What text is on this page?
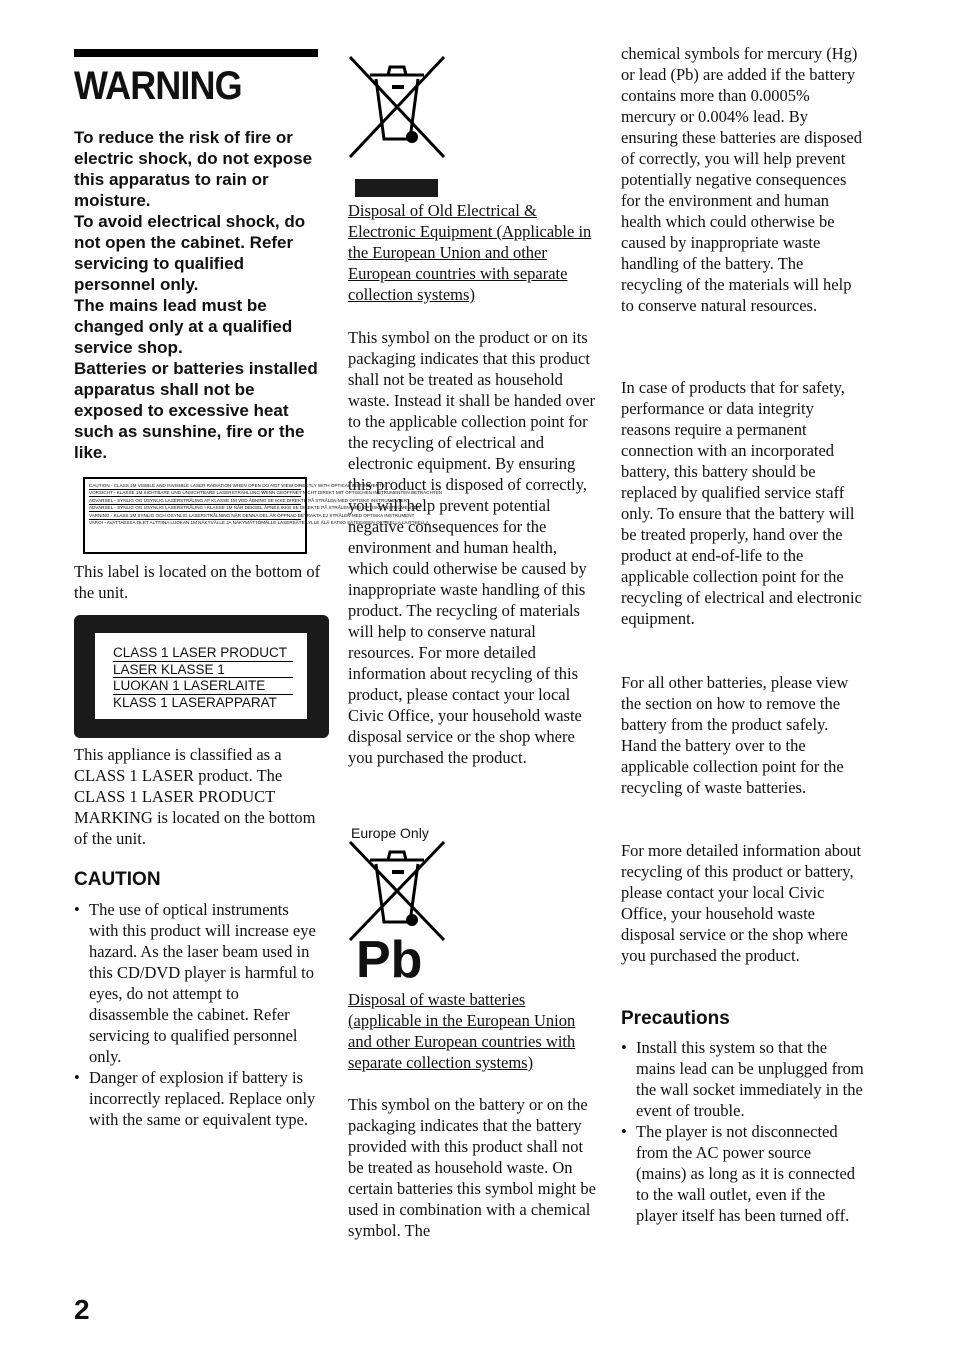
WARNING

To reduce the risk of fire or electric shock, do not expose this apparatus to rain or moisture.

To avoid electrical shock, do not open the cabinet. Refer servicing to qualified personnel only.

The mains lead must be changed only at a qualified service shop.

Batteries or batteries installed apparatus shall not be exposed to excessive heat such as sunshine, fire or the like.

CAUTION - CLASS 1M VISIBLE AND INVISIBLE LASER RADIATION WHEN OPEN DO NOT VIEW DIRECTLY WITH OPTICAL INSTRUMENTS
VORSICHT - KLASSE 1M SICHTBARE UND UNSICHTBARE LASERSTRAHLUNG WENN GEOFFNET NICHT DIREKT MIT OPTISCHEN INSTRUMENTEN BETRACHTEN
ADVARSEL - SYNLIG OG USYNLIG LASERSTRÅLING AF KLASSE 1M VED ÅBNING SE IKKE DIREKTE PÅ STRÅLEN MED OPTISKE INSTRUMENTER
ADVARSEL - SYNLIG OG USYNLIG LASERSTRÅLING I KLASSE 1M NÅR DEKSEL ÅPNES IKKE SE DIREKTE PÅ STRÅLEN MED OPTISKE INSTRUMENTER
VARNING - KLASS 1M SYNLIG OCH OSYNLIG LASERSTRÅLNING NÄR DENNA DEL ÄR ÖPPNAD BETRAKTA EJ STRÅLEN MED OPTISKA INSTRUMENT
VARO! - AVATTAESSA OLET ALTTIINA LUOKAN 1M NÄKYVÄLLE JA NÄKYMÄTTÖMÄLLE LASERSÄTEILYLLE ÄLÄ KATSO SÄTEESEEN OPTISELLA LAITTEELLA
This label is located on the bottom of the unit.
CLASS 1 LASER PRODUCT
LASER KLASSE 1
LUOKAN 1 LASERLAITE
KLASS 1 LASERAPPARAT
This appliance is classified as a CLASS 1 LASER product. The CLASS 1 LASER PRODUCT MARKING is located on the bottom of the unit.
CAUTION
• The use of optical instruments with this product will increase eye hazard. As the laser beam used in this CD/DVD player is harmful to eyes, do not attempt to disassemble the cabinet. Refer servicing to qualified personnel only.
• Danger of explosion if battery is incorrectly replaced. Replace only with the same or equivalent type.
Disposal of Old Electrical & Electronic Equipment (Applicable in the European Union and other European countries with separate collection systems)
This symbol on the product or on its packaging indicates that this product shall not be treated as household waste. Instead it shall be handed over to the applicable collection point for the recycling of electrical and electronic equipment. By ensuring this product is disposed of correctly, you will help prevent potential negative consequences for the environment and human health, which could otherwise be caused by inappropriate waste handling of this product. The recycling of materials will help to conserve natural resources. For more detailed information about recycling of this product, please contact your local Civic Office, your household waste disposal service or the shop where you purchased the product.
Europe Only
Pb
Disposal of waste batteries (applicable in the European Union and other European countries with separate collection systems)
This symbol on the battery or on the packaging indicates that the battery provided with this product shall not be treated as household waste. On certain batteries this symbol might be used in combination with a chemical symbol. The
chemical symbols for mercury (Hg) or lead (Pb) are added if the battery contains more than 0.0005% mercury or 0.004% lead. By ensuring these batteries are disposed of correctly, you will help prevent potentially negative consequences for the environment and human health which could otherwise be caused by inappropriate waste handling of the battery. The recycling of the materials will help to conserve natural resources.
In case of products that for safety, performance or data integrity reasons require a permanent connection with an incorporated battery, this battery should be replaced by qualified service staff only. To ensure that the battery will be treated properly, hand over the product at end-of-life to the applicable collection point for the recycling of electrical and electronic equipment.
For all other batteries, please view the section on how to remove the battery from the product safely. Hand the battery over to the applicable collection point for the recycling of waste batteries.
For more detailed information about recycling of this product or battery, please contact your local Civic Office, your household waste disposal service or the shop where you purchased the product.
Precautions
• Install this system so that the mains lead can be unplugged from the wall socket immediately in the event of trouble.
• The player is not disconnected from the AC power source (mains) as long as it is connected to the wall outlet, even if the player itself has been turned off.
2
